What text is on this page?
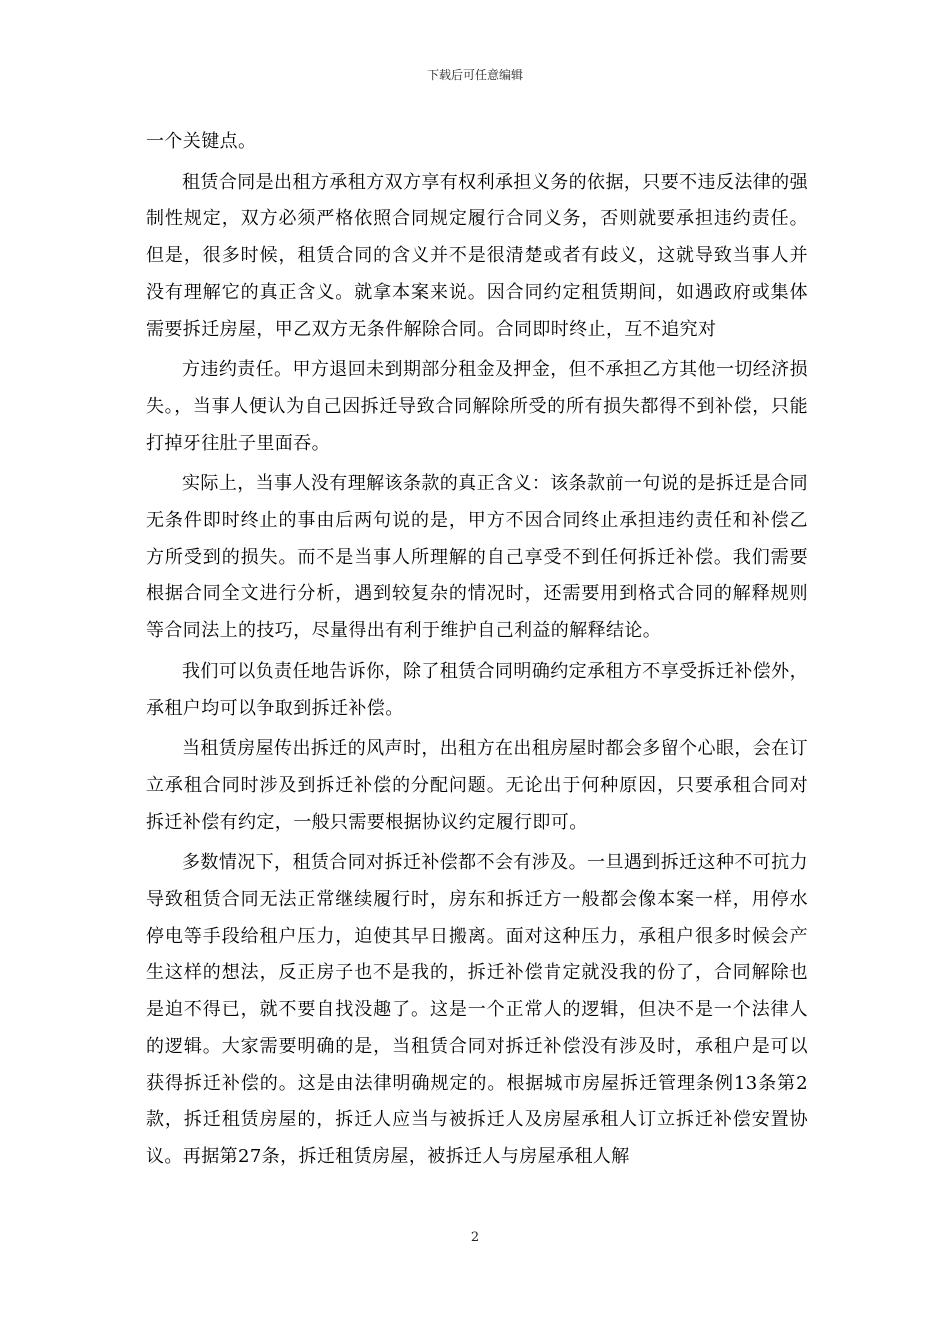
下载后可任意编辑

一个关键点。

租赁合同是出租方承租方双方享有权利承担义务的依据，只要不违反法律的强制性规定，双方必须严格依照合同规定履行合同义务，否则就要承担违约责任。但是，很多时候，租赁合同的含义并不是很清楚或者有歧义，这就导致当事人并没有理解它的真正含义。就拿本案来说。因合同约定租赁期间，如遇政府或集体需要拆迁房屋，甲乙双方无条件解除合同。合同即时终止，互不追究对

方违约责任。甲方退回未到期部分租金及押金，但不承担乙方其他一切经济损失。，当事人便认为自己因拆迁导致合同解除所受的所有损失都得不到补偿，只能打掉牙往肚子里面吞。

实际上，当事人没有理解该条款的真正含义：该条款前一句说的是拆迁是合同无条件即时终止的事由后两句说的是，甲方不因合同终止承担违约责任和补偿乙方所受到的损失。而不是当事人所理解的自己享受不到任何拆迁补偿。我们需要根据合同全文进行分析，遇到较复杂的情况时，还需要用到格式合同的解释规则等合同法上的技巧，尽量得出有利于维护自己利益的解释结论。

我们可以负责任地告诉你，除了租赁合同明确约定承租方不享受拆迁补偿外，承租户均可以争取到拆迁补偿。

当租赁房屋传出拆迁的风声时，出租方在出租房屋时都会多留个心眼，会在订立承租合同时涉及到拆迁补偿的分配问题。无论出于何种原因，只要承租合同对拆迁补偿有约定，一般只需要根据协议约定履行即可。

多数情况下，租赁合同对拆迁补偿都不会有涉及。一旦遇到拆迁这种不可抗力导致租赁合同无法正常继续履行时，房东和拆迁方一般都会像本案一样，用停水停电等手段给租户压力，迫使其早日搬离。面对这种压力，承租户很多时候会产生这样的想法，反正房子也不是我的，拆迁补偿肯定就没我的份了，合同解除也是迫不得已，就不要自找没趣了。这是一个正常人的逻辑，但决不是一个法律人的逻辑。大家需要明确的是，当租赁合同对拆迁补偿没有涉及时，承租户是可以获得拆迁补偿的。这是由法律明确规定的。根据城市房屋拆迁管理条例13条第2款，拆迁租赁房屋的，拆迁人应当与被拆迁人及房屋承租人订立拆迁补偿安置协议。再据第27条，拆迁租赁房屋，被拆迁人与房屋承租人解

2
